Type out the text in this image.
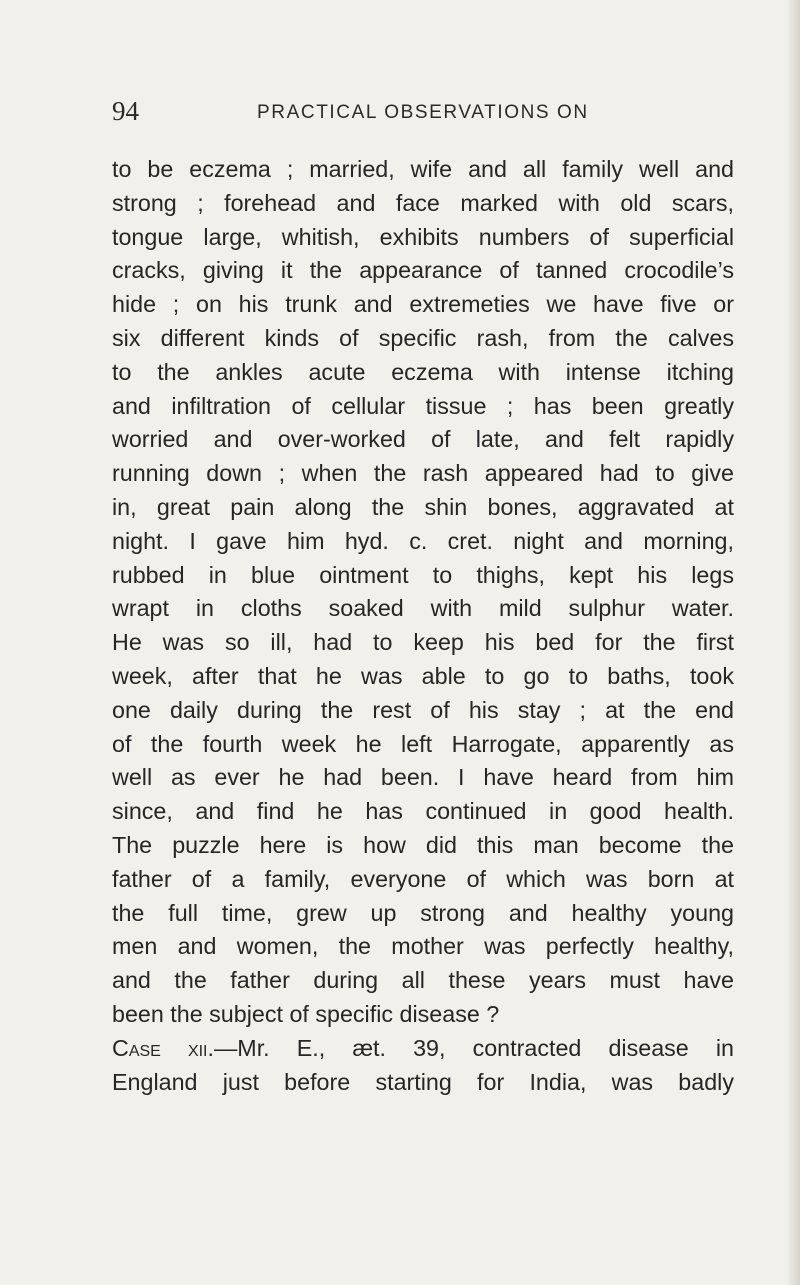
94	PRACTICAL OBSERVATIONS ON
to be eczema ; married, wife and all family well and
strong ; forehead and face marked with old scars,
tongue large, whitish, exhibits numbers of superficial
cracks, giving it the appearance of tanned crocodile’s
hide ; on his trunk and extremeties we have five or
six different kinds of specific rash, from the calves
to the ankles acute eczema with intense itching
and infiltration of cellular tissue ; has been greatly
worried and over-worked of late, and felt rapidly
running down ; when the rash appeared had to give
in, great pain along the shin bones, aggravated at
night. I gave him hyd. c. cret. night and morning,
rubbed in blue ointment to thighs, kept his legs
wrapt in cloths soaked with mild sulphur water.
He was so ill, had to keep his bed for the first
week, after that he was able to go to baths, took
one daily during the rest of his stay ; at the end
of the fourth week he left Harrogate, apparently as
well as ever he had been. I have heard from him
since, and find he has continued in good health.
The puzzle here is how did this man become the
father of a family, everyone of which was born at
the full time, grew up strong and healthy young
men and women, the mother was perfectly healthy,
and the father during all these years must have
been the subject of specific disease ?
Case xii.—Mr. E., æt. 39, contracted disease in
England just before starting for India, was badly
